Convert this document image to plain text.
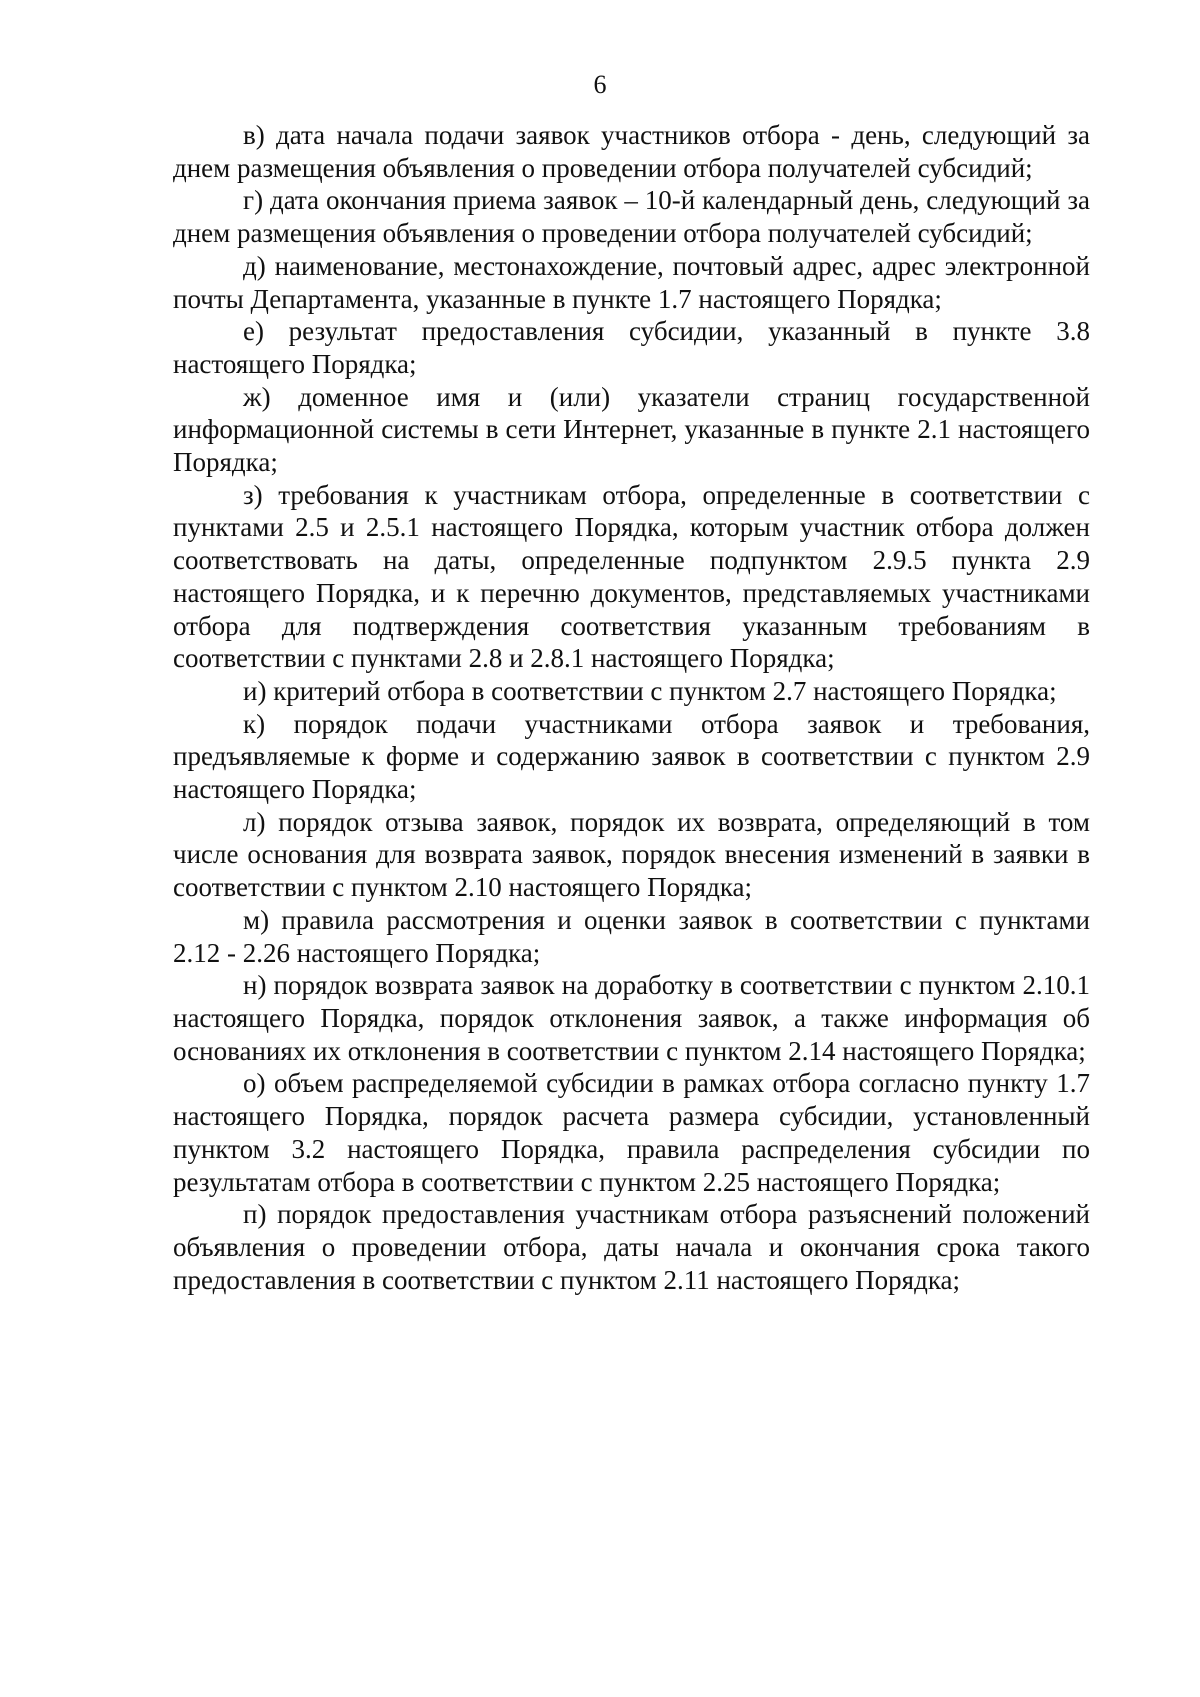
6

в) дата начала подачи заявок участников отбора - день, следующий за днем размещения объявления о проведении отбора получателей субсидий;

г) дата окончания приема заявок – 10-й календарный день, следующий за днем размещения объявления о проведении отбора получателей субсидий;

д) наименование, местонахождение, почтовый адрес, адрес электронной почты Департамента, указанные в пункте 1.7 настоящего Порядка;

е) результат предоставления субсидии, указанный в пункте 3.8 настоящего Порядка;

ж) доменное имя и (или) указатели страниц государственной информационной системы в сети Интернет, указанные в пункте 2.1 настоящего Порядка;

з) требования к участникам отбора, определенные в соответствии с пунктами 2.5 и 2.5.1 настоящего Порядка, которым участник отбора должен соответствовать на даты, определенные подпунктом 2.9.5 пункта 2.9 настоящего Порядка, и к перечню документов, представляемых участниками отбора для подтверждения соответствия указанным требованиям в соответствии с пунктами 2.8 и 2.8.1 настоящего Порядка;

и) критерий отбора в соответствии с пунктом 2.7 настоящего Порядка;

к) порядок подачи участниками отбора заявок и требования, предъявляемые к форме и содержанию заявок в соответствии с пунктом 2.9 настоящего Порядка;

л) порядок отзыва заявок, порядок их возврата, определяющий в том числе основания для возврата заявок, порядок внесения изменений в заявки в соответствии с пунктом 2.10 настоящего Порядка;

м) правила рассмотрения и оценки заявок в соответствии с пунктами 2.12 - 2.26 настоящего Порядка;

н) порядок возврата заявок на доработку в соответствии с пунктом 2.10.1 настоящего Порядка, порядок отклонения заявок, а также информация об основаниях их отклонения в соответствии с пунктом 2.14 настоящего Порядка;

о) объем распределяемой субсидии в рамках отбора согласно пункту 1.7 настоящего Порядка, порядок расчета размера субсидии, установленный пунктом 3.2 настоящего Порядка, правила распределения субсидии по результатам отбора в соответствии с пунктом 2.25 настоящего Порядка;

п) порядок предоставления участникам отбора разъяснений положений объявления о проведении отбора, даты начала и окончания срока такого предоставления в соответствии с пунктом 2.11 настоящего Порядка;
